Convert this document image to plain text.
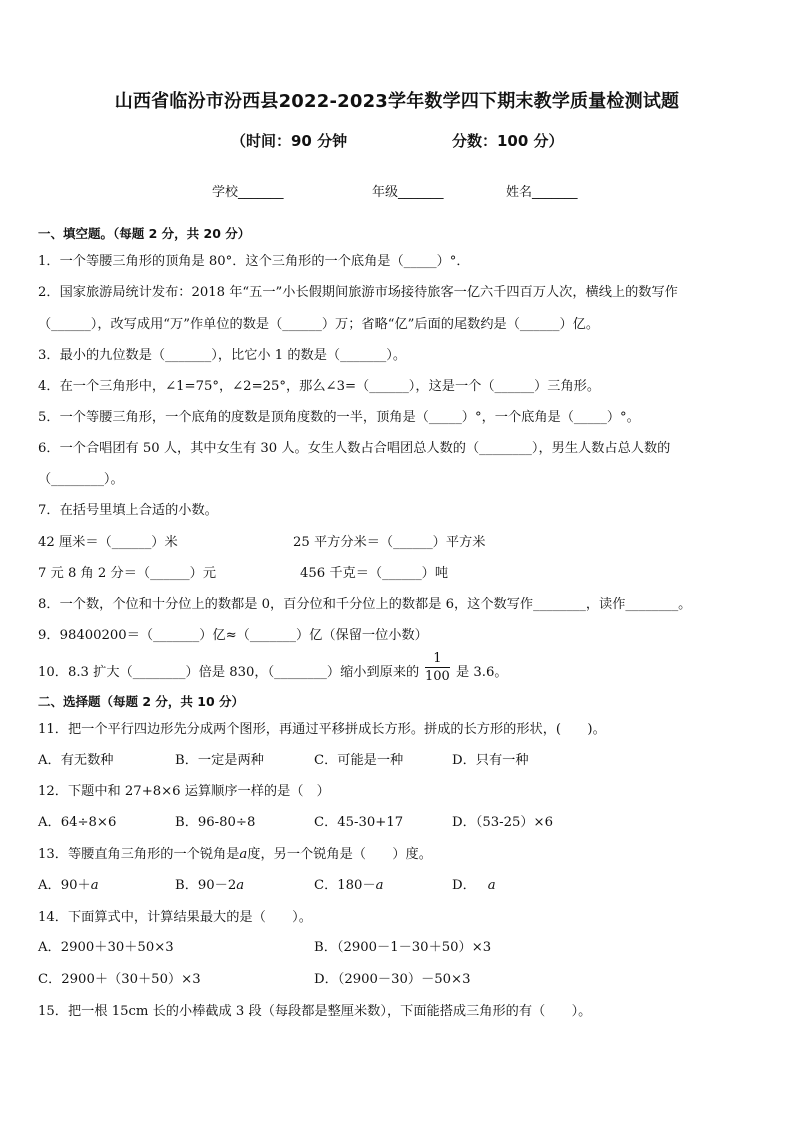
山西省临汾市汾西县2022-2023学年数学四下期末教学质量检测试题
（时间：90 分钟	分数：100 分）
学校_______	年级_______	姓名_______
一、填空题。（每题 2 分，共 20 分）
1．一个等腰三角形的顶角是 80°．这个三角形的一个底角是（_____）°．
2．国家旅游局统计发布：2018 年“五一”小长假期间旅游市场接待旅客一亿六千四百万人次，横线上的数写作
（______），改写成用“万”作单位的数是（______）万；省略“亿”后面的尾数约是（______）亿。
3．最小的九位数是（_______），比它小 1 的数是（_______）。
4．在一个三角形中，∠1=75°，∠2=25°，那么∠3=（______），这是一个（______）三角形。
5．一个等腰三角形，一个底角的度数是顶角度数的一半，顶角是（_____）°，一个底角是（_____）°。
6．一个合唱团有 50 人，其中女生有 30 人。女生人数占合唱团总人数的（________），男生人数占总人数的
（________）。
7．在括号里填上合适的小数。
42 厘米＝（______）米	25 平方分米＝（______）平方米
7 元 8 角 2 分＝（______）元	456 千克＝（______）吨
8．一个数，个位和十分位上的数都是 0，百分位和千分位上的数都是 6，这个数写作________，读作________。
9．98400200＝（_______）亿≈（_______）亿（保留一位小数）
10．8.3 扩大（________）倍是 830，（________）缩小到原来的 $\frac{1}{100}$ 是 3.6。
二、选择题（每题 2 分，共 10 分）
11．把一个平行四边形先分成两个图形，再通过平移拼成长方形。拼成的长方形的形状，(　　)。
A．有无数种	B．一定是两种	C．可能是一种	D．只有一种
12．下题中和 27+8×6 运算顺序一样的是（　）
A．64÷8×6	B．96-80÷8	C．45-30+17	D．（53-25）×6
13．等腰直角三角形的一个锐角是a度，另一个锐角是（　　）度。
A．90＋a	B．90－2a	C．180－a	D． a
14．下面算式中，计算结果最大的是（　　）。
A．2900＋30＋50×3	B．（2900－1－30＋50）×3
C．2900＋（30＋50）×3	D．（2900－30）－50×3
15．把一根 15cm 长的小棒截成 3 段（每段都是整厘米数），下面能搭成三角形的有（　　）。
